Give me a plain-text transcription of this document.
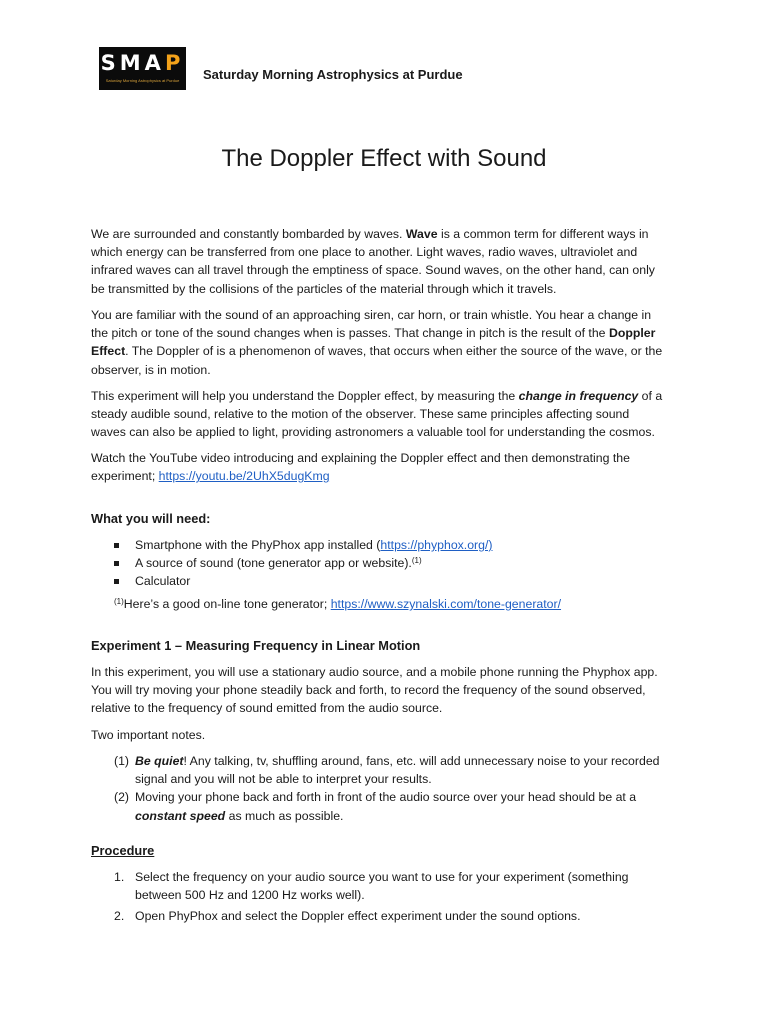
SMAP
Saturday Morning Astrophysics at Purdue Saturday Morning Astrophysics at Purdue
The Doppler Effect with Sound
We are surrounded and constantly bombarded by waves. Wave is a common term for different ways in
which energy can be transferred from one place to another. Light waves, radio waves, ultraviolet and
infrared waves can all travel through the emptiness of space. Sound waves, on the other hand, can only
be transmitted by the collisions of the particles of the material through which it travels.
You are familiar with the sound of an approaching siren, car horn, or train whistle. You hear a change in
the pitch or tone of the sound changes when is passes. That change in pitch is the result of the Doppler
Effect. The Doppler of is a phenomenon of waves, that occurs when either the source of the wave, or the
observer, is in motion.
This experiment will help you understand the Doppler effect, by measuring the change in frequency of a
steady audible sound, relative to the motion of the observer. These same principles affecting sound
waves can also be applied to light, providing astronomers a valuable tool for understanding the cosmos.
Watch the YouTube video introducing and explaining the Doppler effect and then demonstrating the
experiment; https://youtu.be/2UhX5dugKmg
What you will need:
Smartphone with the PhyPhox app installed (https://phyphox.org/)
A source of sound (tone generator app or website).$^{(1)}$
Calculator
$^{(1)}$Here’s a good on-line tone generator; https://www.szynalski.com/tone-generator/
Experiment 1 – Measuring Frequency in Linear Motion
In this experiment, you will use a stationary audio source, and a mobile phone running the Phyphox app.
You will try moving your phone steadily back and forth, to record the frequency of the sound observed,
relative to the frequency of sound emitted from the audio source.
Two important notes.
(1) Be quiet! Any talking, tv, shuffling around, fans, etc. will add unnecessary noise to your recorded
signal and you will not be able to interpret your results.
(2) Moving your phone back and forth in front of the audio source over your head should be at a
constant speed as much as possible.
Procedure
1. Select the frequency on your audio source you want to use for your experiment (something
between 500 Hz and 1200 Hz works well).
2. Open PhyPhox and select the Doppler effect experiment under the sound options.
